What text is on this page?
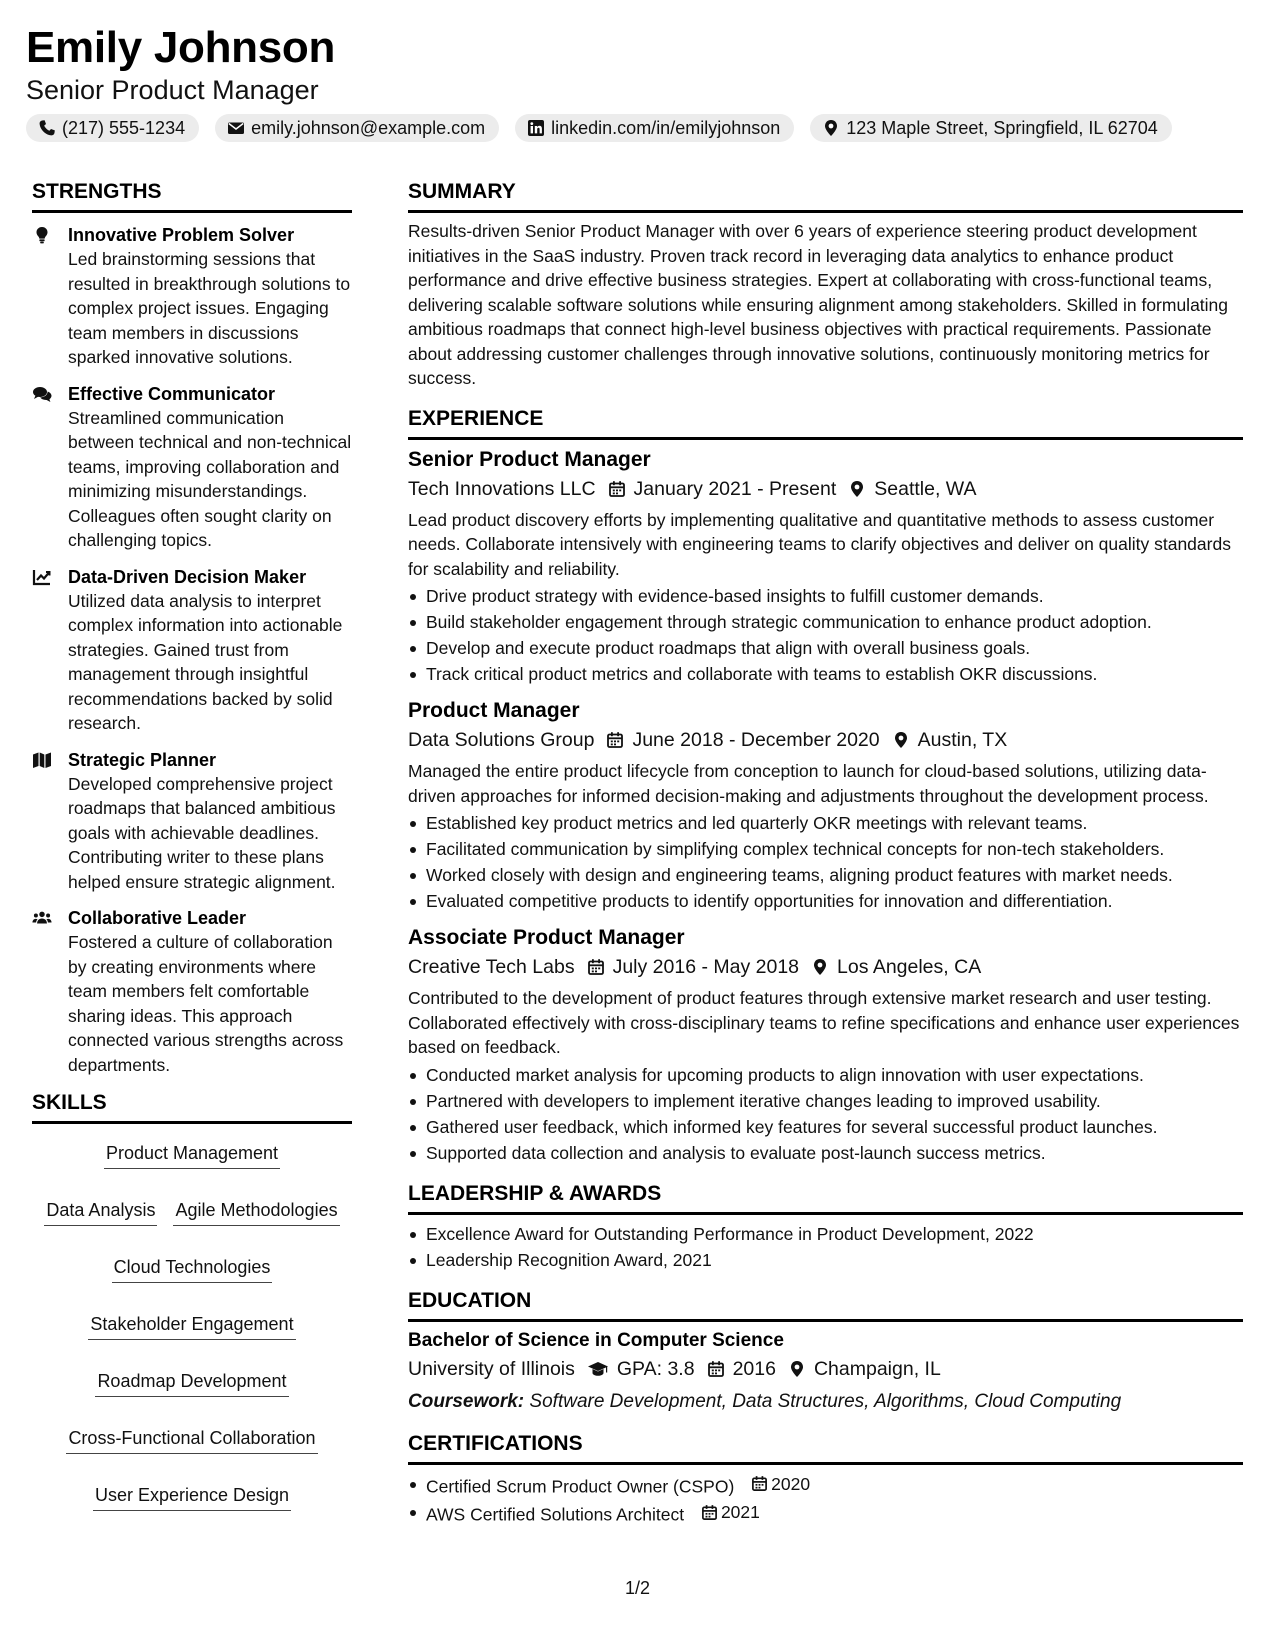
Emily Johnson
Senior Product Manager
(217) 555-1234	emily.johnson@example.com	linkedin.com/in/emilyjohnson	123 Maple Street, Springfield, IL 62704
STRENGTHS
Innovative Problem Solver
Led brainstorming sessions that resulted in breakthrough solutions to complex project issues. Engaging team members in discussions sparked innovative solutions.
Effective Communicator
Streamlined communication between technical and non-technical teams, improving collaboration and minimizing misunderstandings. Colleagues often sought clarity on challenging topics.
Data-Driven Decision Maker
Utilized data analysis to interpret complex information into actionable strategies. Gained trust from management through insightful recommendations backed by solid research.
Strategic Planner
Developed comprehensive project roadmaps that balanced ambitious goals with achievable deadlines. Contributing writer to these plans helped ensure strategic alignment.
Collaborative Leader
Fostered a culture of collaboration by creating environments where team members felt comfortable sharing ideas. This approach connected various strengths across departments.
SKILLS
Product Management
Data Analysis Agile Methodologies
Cloud Technologies
Stakeholder Engagement
Roadmap Development
Cross-Functional Collaboration
User Experience Design
SUMMARY
Results-driven Senior Product Manager with over 6 years of experience steering product development initiatives in the SaaS industry. Proven track record in leveraging data analytics to enhance product performance and drive effective business strategies. Expert at collaborating with cross-functional teams, delivering scalable software solutions while ensuring alignment among stakeholders. Skilled in formulating ambitious roadmaps that connect high-level business objectives with practical requirements. Passionate about addressing customer challenges through innovative solutions, continuously monitoring metrics for success.
EXPERIENCE
Senior Product Manager
Tech Innovations LLC January 2021 - Present Seattle, WA
Lead product discovery efforts by implementing qualitative and quantitative methods to assess customer needs. Collaborate intensively with engineering teams to clarify objectives and deliver on quality standards for scalability and reliability.
Drive product strategy with evidence-based insights to fulfill customer demands.
Build stakeholder engagement through strategic communication to enhance product adoption.
Develop and execute product roadmaps that align with overall business goals.
Track critical product metrics and collaborate with teams to establish OKR discussions.
Product Manager
Data Solutions Group June 2018 - December 2020 Austin, TX
Managed the entire product lifecycle from conception to launch for cloud-based solutions, utilizing data-driven approaches for informed decision-making and adjustments throughout the development process.
Established key product metrics and led quarterly OKR meetings with relevant teams.
Facilitated communication by simplifying complex technical concepts for non-tech stakeholders.
Worked closely with design and engineering teams, aligning product features with market needs.
Evaluated competitive products to identify opportunities for innovation and differentiation.
Associate Product Manager
Creative Tech Labs July 2016 - May 2018 Los Angeles, CA
Contributed to the development of product features through extensive market research and user testing. Collaborated effectively with cross-disciplinary teams to refine specifications and enhance user experiences based on feedback.
Conducted market analysis for upcoming products to align innovation with user expectations.
Partnered with developers to implement iterative changes leading to improved usability.
Gathered user feedback, which informed key features for several successful product launches.
Supported data collection and analysis to evaluate post-launch success metrics.
LEADERSHIP & AWARDS
Excellence Award for Outstanding Performance in Product Development, 2022
Leadership Recognition Award, 2021
EDUCATION
Bachelor of Science in Computer Science
University of Illinois GPA: 3.8 2016 Champaign, IL
Coursework: Software Development, Data Structures, Algorithms, Cloud Computing
CERTIFICATIONS
Certified Scrum Product Owner (CSPO) 2020
AWS Certified Solutions Architect 2021
1/2
